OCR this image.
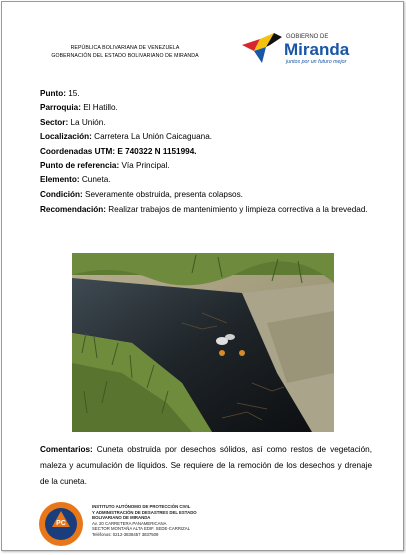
REPÚBLICA BOLIVARIANA DE VENEZUELA
GOBERNACIÓN DEL ESTADO BOLIVARIANO DE MIRANDA
GOBIERNO DE
Miranda
juntos por un futuro mejor
Punto: 15.
Parroquia: El Hatillo.
Sector: La Unión.
Localización: Carretera La Unión Caicaguana.
Coordenadas UTM: E 740322 N 1151994.
Punto de referencia: Vía Principal.
Elemento: Cuneta.
Condición: Severamente obstruida, presenta colapsos.
Recomendación: Realizar trabajos de mantenimiento y limpieza correctiva a la brevedad.
Comentarios: Cuneta obstruida por desechos sólidos, así como restos de vegetación, maleza y acumulación de líquidos. Se requiere de la remoción de los desechos y drenaje de la cuneta.
PC
INSTITUTO AUTÓNOMO DE PROTECCIÓN CIVIL
Y ADMINISTRACIÓN DE DESASTRES DEL ESTADO
BOLIVARIANO DE MIRANDA
Av. 20 CARRETERA PANAMERICANA
SECTOR MONTAÑA ALTA EDIF. SEDE-CARRIZAL
Teléfonos: 0212-3838457 3837509
